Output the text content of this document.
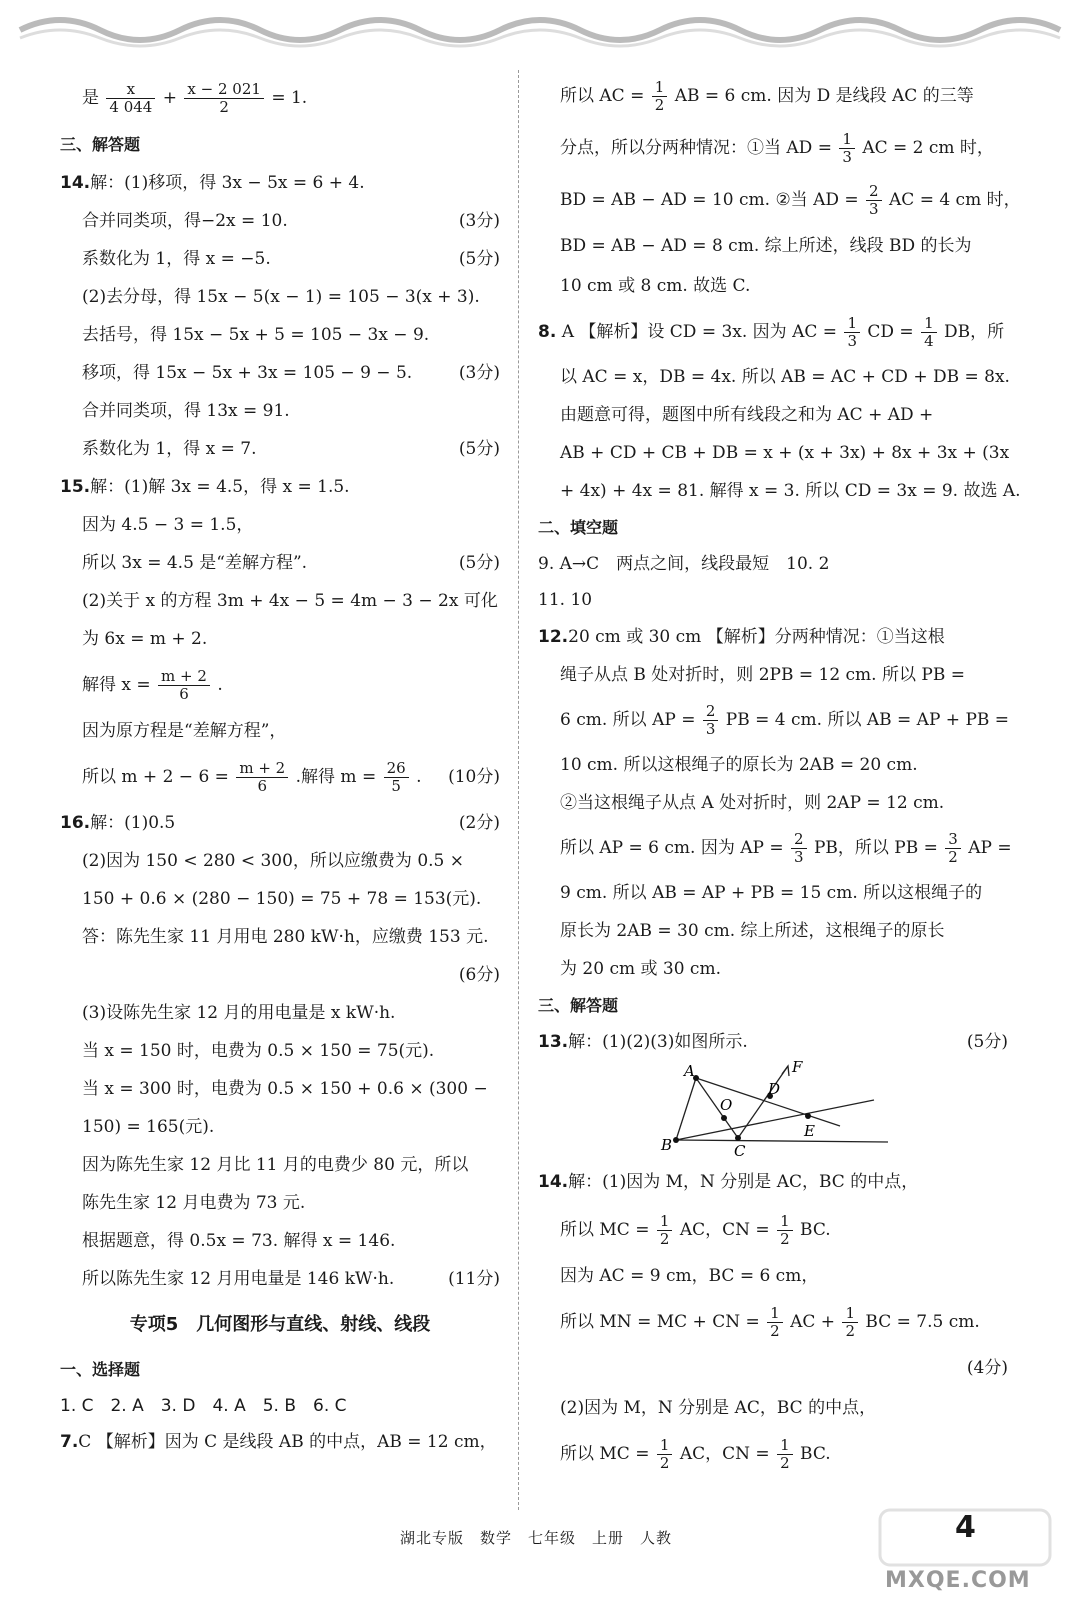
是 $\frac{x}{4 044} + \frac{x - 2 021}{2} = 1$.
三、解答题
14.解：(1)移项，得 3x − 5x = 6 + 4.
合并同类项，得−2x = 10.	(3分)
系数化为 1，得 x = −5.	(5分)
(2)去分母，得 15x − 5(x − 1) = 105 − 3(x + 3).
去括号，得 15x − 5x + 5 = 105 − 3x − 9.
移项，得 15x − 5x + 3x = 105 − 9 − 5.	(3分)
合并同类项，得 13x = 91.
系数化为 1，得 x = 7.	(5分)
15.解：(1)解 3x = 4.5，得 x = 1.5.
因为 4.5 − 3 = 1.5，
所以 3x = 4.5 是“差解方程”.	(5分)
(2)关于 x 的方程 3m + 4x − 5 = 4m − 3 − 2x 可化
为 6x = m + 2.
解得 $x = \frac{m + 2}{6}$ .
因为原方程是“差解方程”，
所以 $m + 2 - 6 = \frac{m + 2}{6}$ .解得 $m = \frac{26}{5}$ . (10分)
16.解：(1)0.5	(2分)
(2)因为 150 < 280 < 300，所以应缴费为 0.5 ×
150 + 0.6 × (280 − 150) = 75 + 78 = 153(元).
答：陈先生家 11 月用电 280 kW·h，应缴费 153 元.
(6分)
(3)设陈先生家 12 月的用电量是 x kW·h.
当 x = 150 时，电费为 0.5 × 150 = 75(元).
当 x = 300 时，电费为 0.5 × 150 + 0.6 × (300 −
150) = 165(元).
因为陈先生家 12 月比 11 月的电费少 80 元，所以
陈先生家 12 月电费为 73 元.
根据题意，得 0.5x = 73. 解得 x = 146.
所以陈先生家 12 月用电量是 146 kW·h.	(11分)
专项5　几何图形与直线、射线、线段
一、选择题
1. C　2. A　3. D　4. A　5. B　6. C
7.C 【解析】因为 C 是线段 AB 的中点，AB = 12 cm，
所以 AC = $\frac{1}{2}$ AB = 6 cm. 因为 D 是线段 AC 的三等
分点，所以分两种情况：①当 AD = $\frac{1}{3}$ AC = 2 cm 时，
BD = AB − AD = 10 cm. ②当 AD = $\frac{2}{3}$ AC = 4 cm 时，
BD = AB − AD = 8 cm. 综上所述，线段 BD 的长为
10 cm 或 8 cm. 故选 C.
8. A 【解析】设 CD = 3x. 因为 AC = $\frac{1}{3}$ CD = $\frac{1}{4}$ DB，所
以 AC = x，DB = 4x. 所以 AB = AC + CD + DB = 8x.
由题意可得，题图中所有线段之和为 AC + AD +
AB + CD + CB + DB = x + (x + 3x) + 8x + 3x + (3x
+ 4x) + 4x = 81. 解得 x = 3. 所以 CD = 3x = 9. 故选 A.
二、填空题
9. A→C　两点之间，线段最短　10. 2
11. 10
12.20 cm 或 30 cm 【解析】分两种情况：①当这根
绳子从点 B 处对折时，则 2PB = 12 cm. 所以 PB =
6 cm. 所以 AP = $\frac{2}{3}$ PB = 4 cm. 所以 AB = AP + PB =
10 cm. 所以这根绳子的原长为 2AB = 20 cm.
②当这根绳子从点 A 处对折时，则 2AP = 12 cm.
所以 AP = 6 cm. 因为 AP = $\frac{2}{3}$ PB，所以 PB = $\frac{3}{2}$ AP =
9 cm. 所以 AB = AP + PB = 15 cm. 所以这根绳子的
原长为 2AB = 30 cm. 综上所述，这根绳子的原长
为 20 cm 或 30 cm.
三、解答题
13.解：(1)(2)(3)如图所示.	(5分)
A
B	C
D
E
F
O
14.解：(1)因为 M，N 分别是 AC，BC 的中点，
所以 MC = $\frac{1}{2}$ AC，CN = $\frac{1}{2}$ BC.
因为 AC = 9 cm，BC = 6 cm，
所以 MN = MC + CN = $\frac{1}{2}$ AC + $\frac{1}{2}$ BC = 7.5 cm.
(4分)
(2)因为 M，N 分别是 AC，BC 的中点，
所以 MC = $\frac{1}{2}$ AC，CN = $\frac{1}{2}$ BC.
湖北专版　数学　七年级　上册　人教	4
MXQE.COM
